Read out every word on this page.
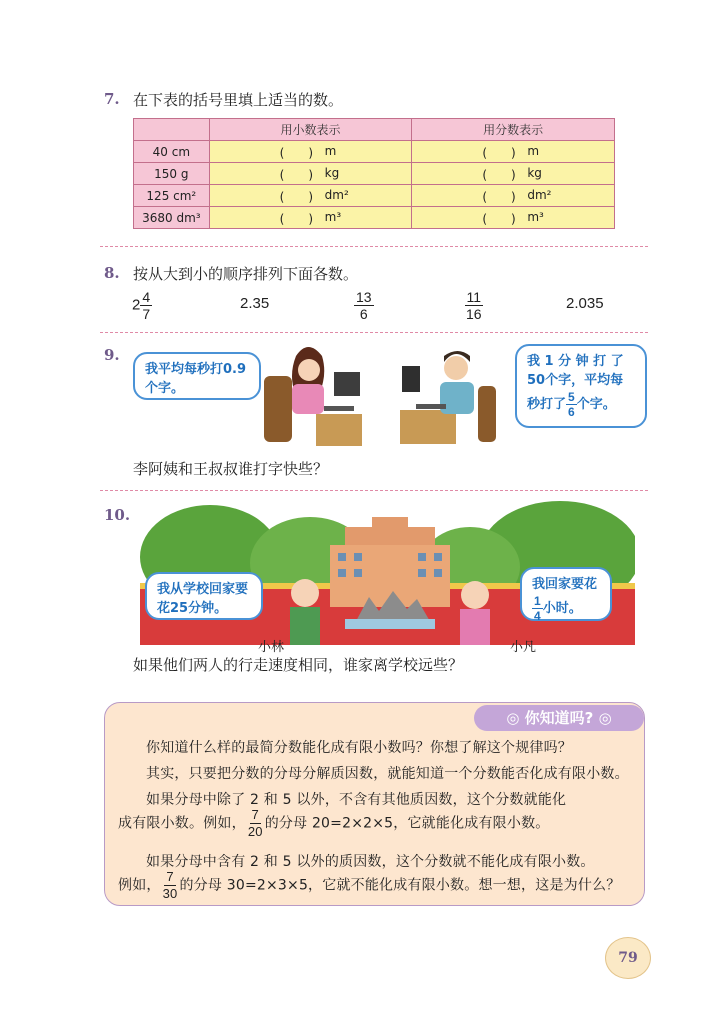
7. 在下表的括号里填上适当的数。
	用小数表示	用分数表示
40 cm	(　　) m	(　　) m

150 g	(　　) kg	(　　) kg

125 cm²	(　　) dm²	(　　) dm²

3680 dm³	(　　) m³	(　　) m³
8. 按从大到小的顺序排列下面各数。
$2 \frac{4}{7}$	2.35	$\frac{13}{6}$	$\frac{11}{16}$	2.035
9.
我平均每秒打0.9个字。
我 1 分 钟 打 了 50个字，平均每秒打了 $\frac{5}{6}$ 个字。
李阿姨和王叔叔谁打字快些？
10.
我从学校回家要花25分钟。
我回家要花
$\frac{1}{4}$ 小时。
小林	小凡
如果他们两人的行走速度相同，谁家离学校远些？
◎ 你知道吗? ◎
你知道什么样的最简分数能化成有限小数吗？你想了解这个规律吗？
其实，只要把分数的分母分解质因数，就能知道一个分数能否化成有限小数。
如果分母中除了 2 和 5 以外，不含有其他质因数，这个分数就能化
成有限小数。例如， $\frac{7}{20}$ 的分母 20=2×2×5，它就能化成有限小数。
如果分母中含有 2 和 5 以外的质因数，这个分数就不能化成有限小数。
例如， $\frac{7}{30}$ 的分母 30=2×3×5，它就不能化成有限小数。想一想，这是为什么？
79
